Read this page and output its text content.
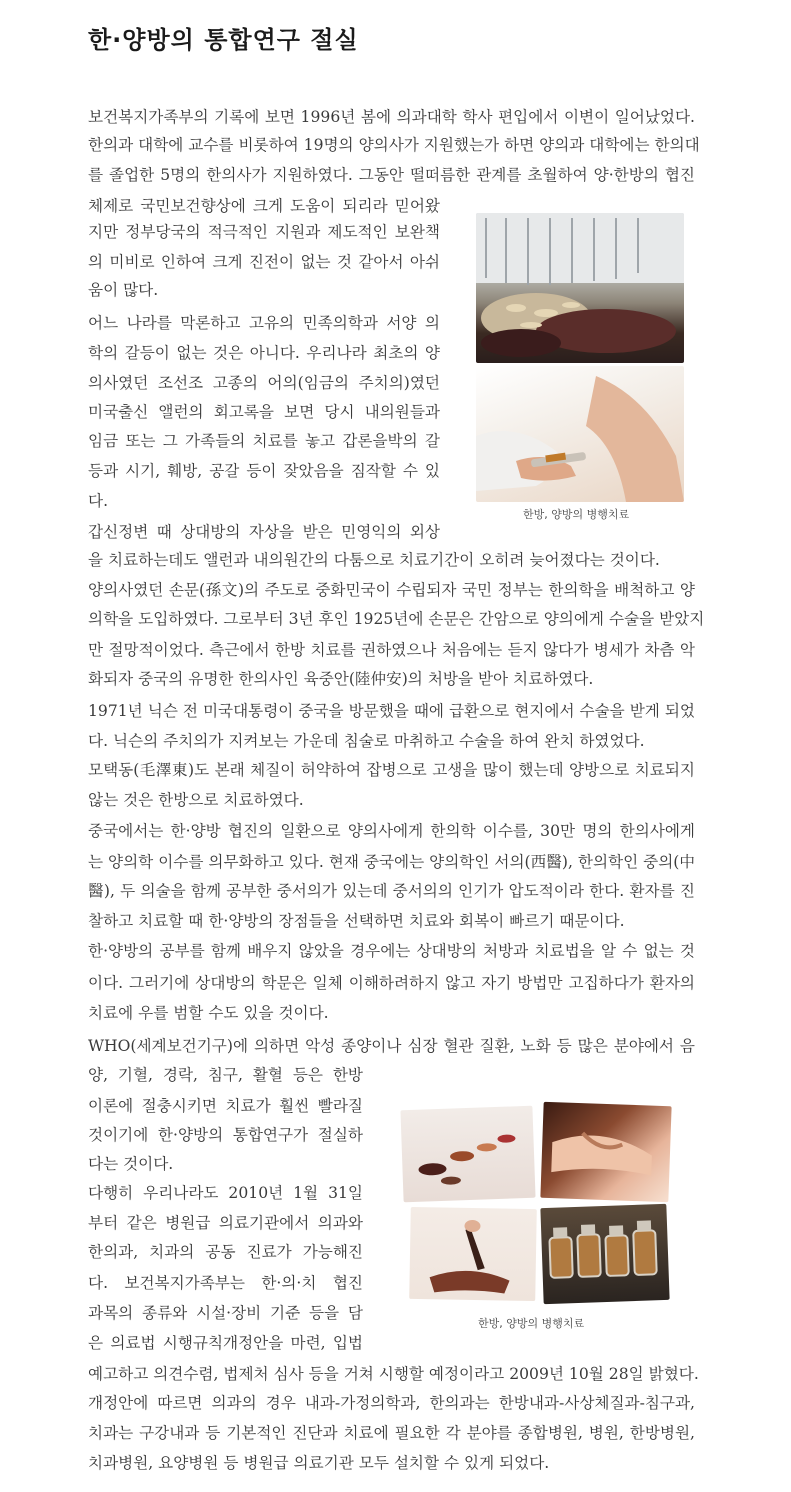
한·양방의 통합연구 절실
보건복지가족부의 기록에 보면 1996년 봄에 의과대학 학사 편입에서 이변이 일어났었다.
한의과 대학에 교수를 비롯하여 19명의 양의사가 지원했는가 하면 양의과 대학에는 한의대
를 졸업한 5명의 한의사가 지원하였다. 그동안 떨떠름한 관계를 초월하여 양·한방의 협진
체제로 국민보건향상에 크게 도움이 되리라 믿어왔
지만 정부당국의 적극적인 지원과 제도적인 보완책
의 미비로 인하여 크게 진전이 없는 것 같아서 아쉬
움이 많다.
어느 나라를 막론하고 고유의 민족의학과 서양 의
학의 갈등이 없는 것은 아니다. 우리나라 최초의 양
의사였던 조선조 고종의 어의(임금의 주치의)였던
미국출신 앨런의 회고록을 보면 당시 내의원들과
임금 또는 그 가족들의 치료를 놓고 갑론을박의 갈
등과 시기, 훼방, 공갈 등이 잦았음을 짐작할 수 있
다.
갑신정변 때 상대방의 자상을 받은 민영익의 외상
을 치료하는데도 앨런과 내의원간의 다툼으로 치료기간이 오히려 늦어졌다는 것이다.
양의사였던 손문(孫文)의 주도로 중화민국이 수립되자 국민 정부는 한의학을 배척하고 양
의학을 도입하였다. 그로부터 3년 후인 1925년에 손문은 간암으로 양의에게 수술을 받았지
만 절망적이었다. 측근에서 한방 치료를 권하였으나 처음에는 듣지 않다가 병세가 차츰 악
화되자 중국의 유명한 한의사인 육중안(陸仲安)의 처방을 받아 치료하였다.
1971년 닉슨 전 미국대통령이 중국을 방문했을 때에 급환으로 현지에서 수술을 받게 되었
다. 닉슨의 주치의가 지켜보는 가운데 침술로 마취하고 수술을 하여 완치 하였었다.
모택동(毛澤東)도 본래 체질이 허약하여 잡병으로 고생을 많이 했는데 양방으로 치료되지
않는 것은 한방으로 치료하였다.
중국에서는 한·양방 협진의 일환으로 양의사에게 한의학 이수를, 30만 명의 한의사에게
는 양의학 이수를 의무화하고 있다. 현재 중국에는 양의학인 서의(西醫), 한의학인 중의(中
醫), 두 의술을 함께 공부한 중서의가 있는데 중서의의 인기가 압도적이라 한다. 환자를 진
찰하고 치료할 때 한·양방의 장점들을 선택하면 치료와 회복이 빠르기 때문이다.
한·양방의 공부를 함께 배우지 않았을 경우에는 상대방의 처방과 치료법을 알 수 없는 것
이다. 그러기에 상대방의 학문은 일체 이해하려하지 않고 자기 방법만 고집하다가 환자의
치료에 우를 범할 수도 있을 것이다.
WHO(세계보건기구)에 의하면 악성 종양이나 심장 혈관 질환, 노화 등 많은 분야에서 음
양, 기혈, 경락, 침구, 활혈 등은 한방
이론에 절충시키면 치료가 훨씬 빨라질
것이기에 한·양방의 통합연구가 절실하
다는 것이다.
다행히 우리나라도 2010년 1월 31일
부터 같은 병원급 의료기관에서 의과와
한의과, 치과의 공동 진료가 가능해진
다. 보건복지가족부는 한·의·치 협진
과목의 종류와 시설·장비 기준 등을 담
은 의료법 시행규칙개정안을 마련, 입법
예고하고 의견수렴, 법제처 심사 등을 거쳐 시행할 예정이라고 2009년 10월 28일 밝혔다.
개정안에 따르면 의과의 경우 내과-가정의학과, 한의과는 한방내과-사상체질과-침구과,
치과는 구강내과 등 기본적인 진단과 치료에 필요한 각 분야를 종합병원, 병원, 한방병원,
치과병원, 요양병원 등 병원급 의료기관 모두 설치할 수 있게 되었다.
한방, 양방의 병행치료
한방, 양방의 병행치료
